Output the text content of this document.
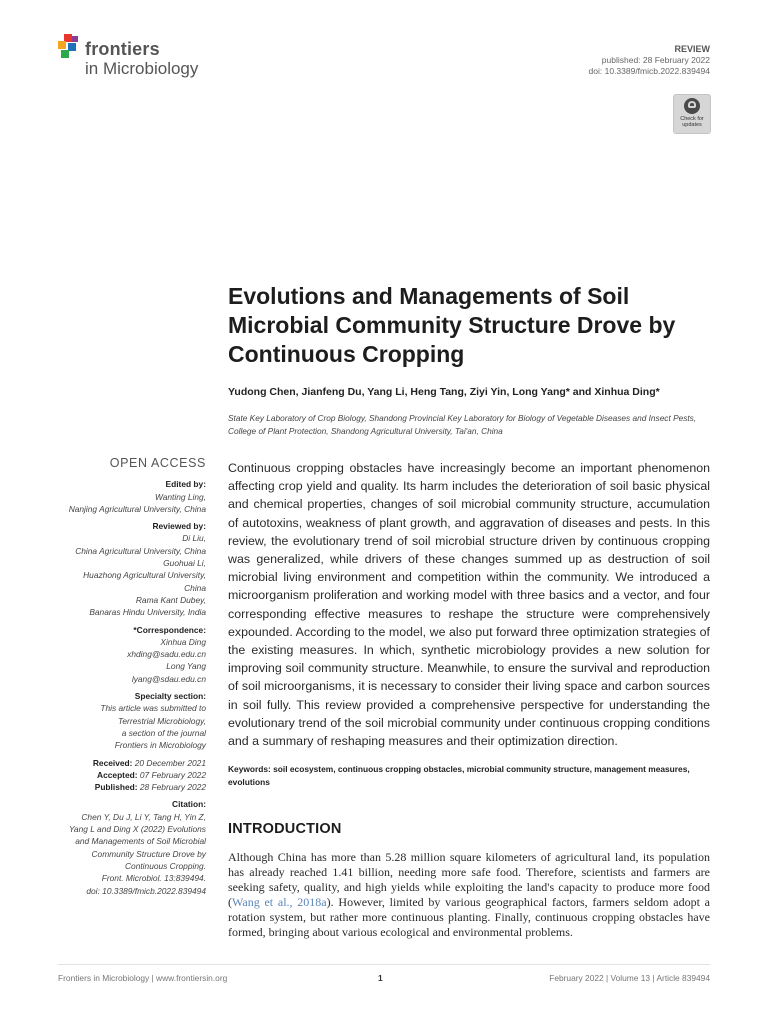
frontiers
in Microbiology
REVIEW
published: 28 February 2022
doi: 10.3389/fmicb.2022.839494
Check for
updates
Evolutions and Managements of Soil Microbial Community Structure Drove by Continuous Cropping
Yudong Chen, Jianfeng Du, Yang Li, Heng Tang, Ziyi Yin, Long Yang* and Xinhua Ding*
State Key Laboratory of Crop Biology, Shandong Provincial Key Laboratory for Biology of Vegetable Diseases and Insect Pests, College of Plant Protection, Shandong Agricultural University, Tai'an, China

Continuous cropping obstacles have increasingly become an important phenomenon affecting crop yield and quality. Its harm includes the deterioration of soil basic physical and chemical properties, changes of soil microbial community structure, accumulation of autotoxins, weakness of plant growth, and aggravation of diseases and pests. In this review, the evolutionary trend of soil microbial structure driven by continuous cropping was generalized, while drivers of these changes summed up as destruction of soil microbial living environment and competition within the community. We introduced a microorganism proliferation and working model with three basics and a vector, and four corresponding effective measures to reshape the structure were comprehensively expounded. According to the model, we also put forward three optimization strategies of the existing measures. In which, synthetic microbiology provides a new solution for improving soil community structure. Meanwhile, to ensure the survival and reproduction of soil microorganisms, it is necessary to consider their living space and carbon sources in soil fully. This review provided a comprehensive perspective for understanding the evolutionary trend of the soil microbial community under continuous cropping conditions and a summary of reshaping measures and their optimization direction.

Keywords: soil ecosystem, continuous cropping obstacles, microbial community structure, management measures, evolutions
INTRODUCTION

Although China has more than 5.28 million square kilometers of agricultural land, its population has already reached 1.41 billion, needing more safe food. Therefore, scientists and farmers are seeking safety, quality, and high yields while exploiting the land's capacity to produce more food (Wang et al., 2018a). However, limited by various geographical factors, farmers seldom adopt a rotation system, but rather more continuous planting. Finally, continuous cropping obstacles have formed, bringing about various ecological and environmental problems.

OPEN ACCESS
Edited by:
Wanting Ling,
Nanjing Agricultural University, China
Reviewed by:
Di Liu,
China Agricultural University, China
Guohuai Li,
Huazhong Agricultural University,
China
Rama Kant Dubey,
Banaras Hindu University, India
*Correspondence:
Xinhua Ding
xhding@sadu.edu.cn
Long Yang
lyang@sdau.edu.cn
Specialty section:
This article was submitted to
Terrestrial Microbiology,
a section of the journal
Frontiers in Microbiology
Received: 20 December 2021
Accepted: 07 February 2022
Published: 28 February 2022
Citation:
Chen Y, Du J, Li Y, Tang H, Yin Z,
Yang L and Ding X (2022) Evolutions
and Managements of Soil Microbial
Community Structure Drove by
Continuous Cropping.
Front. Microbiol. 13:839494.
doi: 10.3389/fmicb.2022.839494
Frontiers in Microbiology | www.frontiersin.org	1	February 2022 | Volume 13 | Article 839494
